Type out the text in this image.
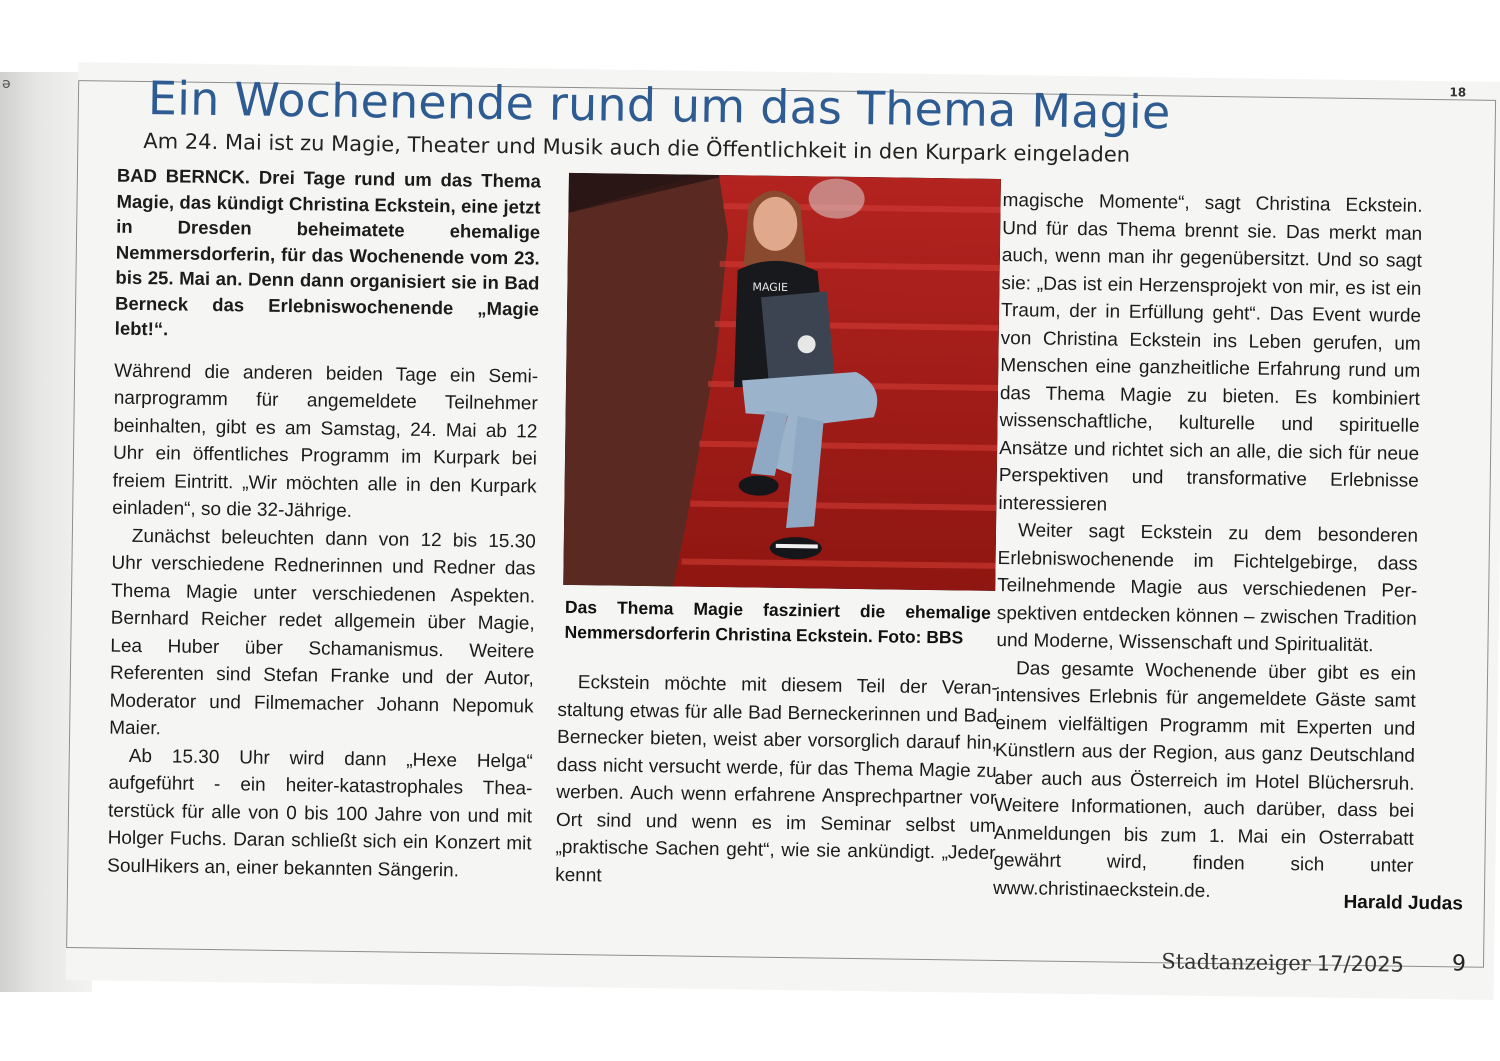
ə
18
Ein Wochenende rund um das Thema Magie
Am 24. Mai ist zu Magie, Theater und Musik auch die Öffentlichkeit in den Kurpark eingeladen

BAD BERNCK. Drei Tage rund um das Thema Magie, das kündigt Christina Eckstein, eine jetzt in Dresden beheimatete ehemalige Nemmersdorferin, für das Wochenende vom 23. bis 25. Mai an. Denn dann organisiert sie in Bad Berneck das Erlebniswochenende „Magie lebt!“.

Während die anderen beiden Tage ein Seminarprogramm für angemeldete Teilnehmer beinhalten, gibt es am Samstag, 24. Mai ab 12 Uhr ein öffentliches Programm im Kurpark bei freiem Eintritt. „Wir möchten alle in den Kurpark einladen“, so die 32-Jährige.

Zunächst beleuchten dann von 12 bis 15.30 Uhr verschiedene Rednerinnen und Redner das Thema Magie unter verschiedenen Aspekten. Bernhard Reicher redet allgemein über Magie, Lea Huber über Schamanismus. Weitere Referenten sind Stefan Franke und der Autor, Moderator und Filmemacher Johann Nepomuk Maier.

Ab 15.30 Uhr wird dann „Hexe Helga“ aufgeführt - ein heiter-katastrophales Theaterstück für alle von 0 bis 100 Jahre von und mit Holger Fuchs. Daran schließt sich ein Konzert mit SoulHikers an, einer bekannten Sängerin.

MAGIE
Das Thema Magie fasziniert die ehemalige Nemmersdorferin Christina Eckstein. Foto: BBS

Eckstein möchte mit diesem Teil der Veranstaltung etwas für alle Bad Berneckerinnen und Bad Bernecker bieten, weist aber vorsorglich darauf hin, dass nicht versucht werde, für das Thema Magie zu werben. Auch wenn erfahrene Ansprechpartner vor Ort sind und wenn es im Seminar selbst um „praktische Sachen geht“, wie sie ankündigt. „Jeder kennt

magische Momente“, sagt Christina Eckstein. Und für das Thema brennt sie. Das merkt man auch, wenn man ihr gegenübersitzt. Und so sagt sie: „Das ist ein Herzensprojekt von mir, es ist ein Traum, der in Erfüllung geht“. Das Event wurde von Christina Eckstein ins Leben gerufen, um Menschen eine ganzheitliche Erfahrung rund um das Thema Magie zu bieten. Es kombiniert wissenschaftliche, kulturelle und spirituelle Ansätze und richtet sich an alle, die sich für neue Perspektiven und transformative Erlebnisse interessieren

Weiter sagt Eckstein zu dem besonderen Erlebniswochenende im Fichtelgebirge, dass Teilnehmende Magie aus verschiedenen Perspektiven entdecken können – zwischen Tradition und Moderne, Wissenschaft und Spiritualität.

Das gesamte Wochenende über gibt es ein intensives Erlebnis für angemeldete Gäste samt einem vielfältigen Programm mit Experten und Künstlern aus der Region, aus ganz Deutschland aber auch aus Österreich im Hotel Blüchersruh. Weitere Informationen, auch darüber, dass bei Anmeldungen bis zum 1. Mai ein Osterrabatt gewährt wird, finden sich unter www.christinaeckstein.de.

Harald Judas
Stadtanzeiger 17/2025 9
